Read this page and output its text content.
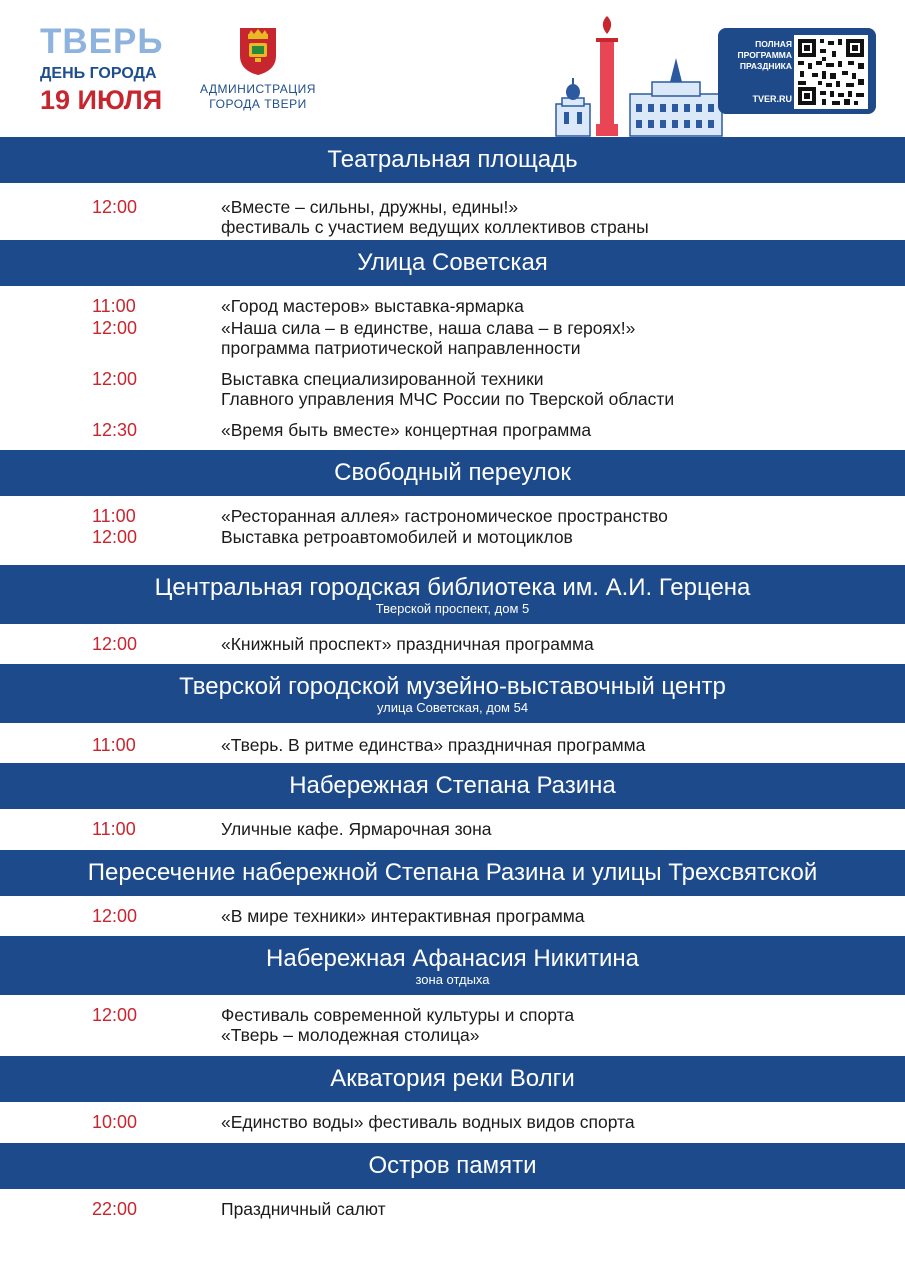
ТВЕРЬ
ДЕНЬ ГОРОДА
19 ИЮЛЯ	АДМИНИСТРАЦИЯ
ГОРОДА ТВЕРИ
ПОЛНАЯ
ПРОГРАММА
ПРАЗДНИКА
TVER.RU
Театральная площадь
12:00	«Вместе – сильны, дружны, едины!»
фестиваль с участием ведущих коллективов страны
Улица Советская
11:00	«Город мастеров» выставка-ярмарка
12:00	«Наша сила – в единстве, наша слава – в героях!»
программа патриотической направленности
12:00	Выставка специализированной техники
Главного управления МЧС России по Тверской области
12:30	«Время быть вместе» концертная программа
Свободный переулок
11:00	«Ресторанная аллея» гастрономическое пространство
12:00	Выставка ретроавтомобилей и мотоциклов
Центральная городская библиотека им. А.И. Герцена
Тверской проспект, дом 5
12:00	«Книжный проспект» праздничная программа
Тверской городской музейно-выставочный центр
улица Советская, дом 54
11:00	«Тверь. В ритме единства» праздничная программа
Набережная Степана Разина
11:00	Уличные кафе. Ярмарочная зона
Пересечение набережной Степана Разина и улицы Трехсвятской
12:00	«В мире техники» интерактивная программа
Набережная Афанасия Никитина
зона отдыха
12:00	Фестиваль современной культуры и спорта
«Тверь – молодежная столица»
Акватория реки Волги
10:00	«Единство воды» фестиваль водных видов спорта
Остров памяти
22:00	Праздничный салют
